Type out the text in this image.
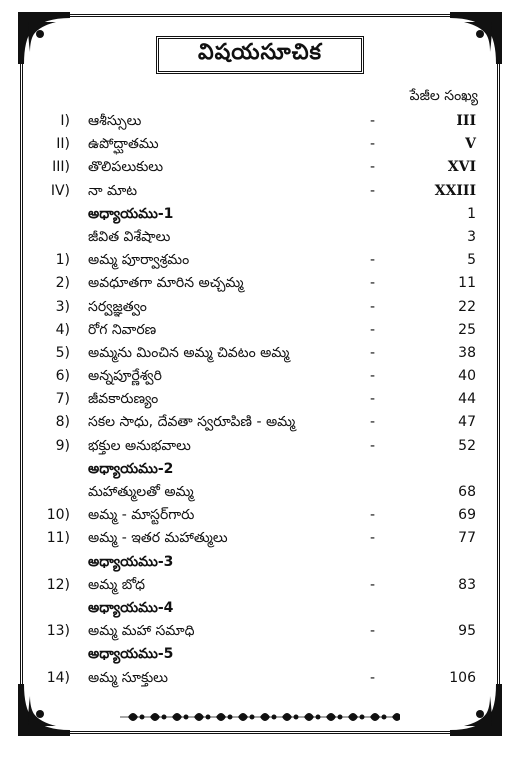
విషయసూచిక
పేజీల సంఖ్య
I) ఆశీస్సులు	-	III
II) ఉపోద్ఘాతము	-	V
III) తొలిపలుకులు	-	XVI
IV) నా మాట	-	XXIII
అధ్యాయము-1	1
జీవిత విశేషాలు	3
1) అమ్మ పూర్వాశ్రమం	-	5
2) అవధూతగా మారిన అచ్చమ్మ	-	11
3) సర్వజ్ఞత్వం	-	22
4) రోగ నివారణ	-	25
5) అమ్మను మించిన అమ్మ చివటం అమ్మ	-	38
6) అన్నపూర్ణేశ్వరి	-	40
7) జీవకారుణ్యం	-	44
8) సకల సాధు, దేవతా స్వరూపిణి - అమ్మ	-	47
9) భక్తుల అనుభవాలు	-	52
అధ్యాయము-2
మహాత్ములతో అమ్మ	68
10) అమ్మ - మాస్టర్‌గారు	-	69
11) అమ్మ - ఇతర మహాత్ములు	-	77
అధ్యాయము-3
12) అమ్మ బోధ	-	83
అధ్యాయము-4
13) అమ్మ మహా సమాధి	-	95
అధ్యాయము-5
14) అమ్మ సూక్తులు	-	106
